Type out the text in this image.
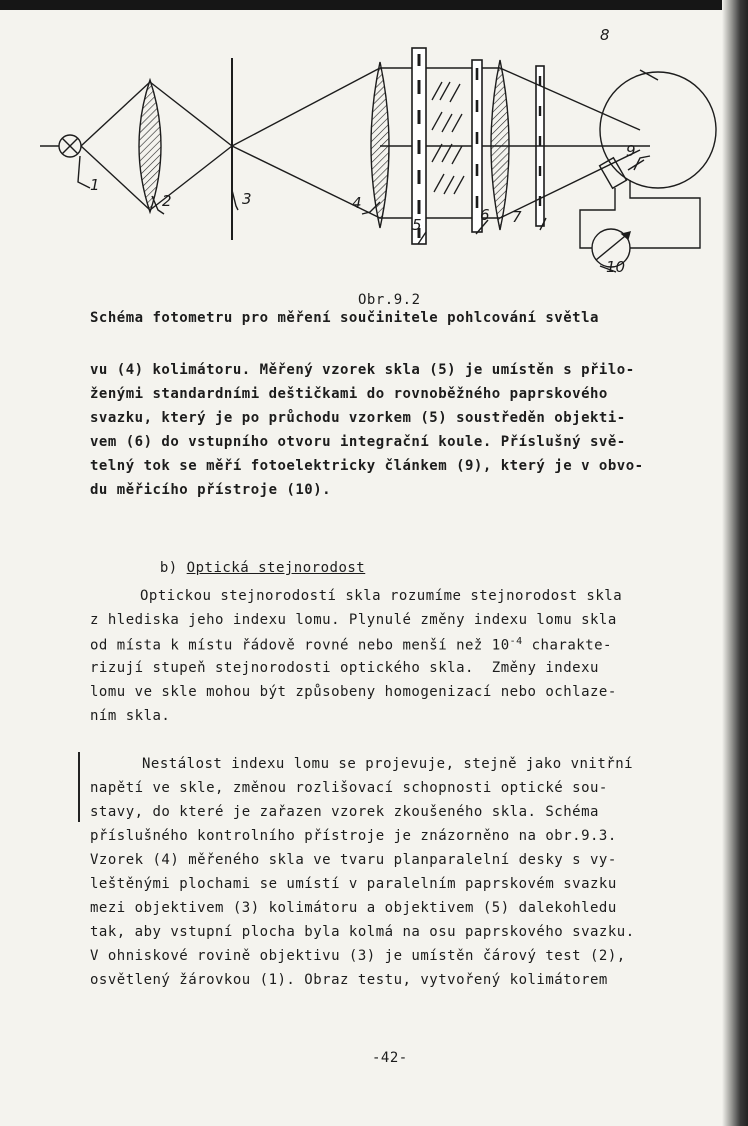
1
2	3	4
5
6 7
8
9
10
Obr.9.2
Schéma fotometru pro měření součinitele pohlcování světla
vu (4) kolimátoru. Měřený vzorek skla (5) je umístěn s přilo-
ženými standardními deštičkami do rovnoběžného paprskového
svazku, který je po průchodu vzorkem (5) soustředěn objekti-
vem (6) do vstupního otvoru integrační koule. Příslušný svě-
telný tok se měří fotoelektricky článkem (9), který je v obvo-
du měřicího přístroje (10).

b) Optická stejnorodost

Optickou stejnorodostí skla rozumíme stejnorodost skla
z hlediska jeho indexu lomu. Plynulé změny indexu lomu skla
od místa k místu řádově rovné nebo menší než $10^{-4}$ charakte-
rizují stupeň stejnorodosti optického skla.  Změny indexu
lomu ve skle mohou být způsobeny homogenizací nebo ochlaze-
ním skla.
Nestálost indexu lomu se projevuje, stejně jako vnitřní
napětí ve skle, změnou rozlišovací schopnosti optické sou-
stavy, do které je zařazen vzorek zkoušeného skla. Schéma
příslušného kontrolního přístroje je znázorněno na obr.9.3.
Vzorek (4) měřeného skla ve tvaru planparalelní desky s vy-
leštěnými plochami se umístí v paralelním paprskovém svazku
mezi objektivem (3) kolimátoru a objektivem (5) dalekohledu
tak, aby vstupní plocha byla kolmá na osu paprskového svazku.
V ohniskové rovině objektivu (3) je umístěn čárový test (2),
osvětlený žárovkou (1). Obraz testu, vytvořený kolimátorem
-42-
